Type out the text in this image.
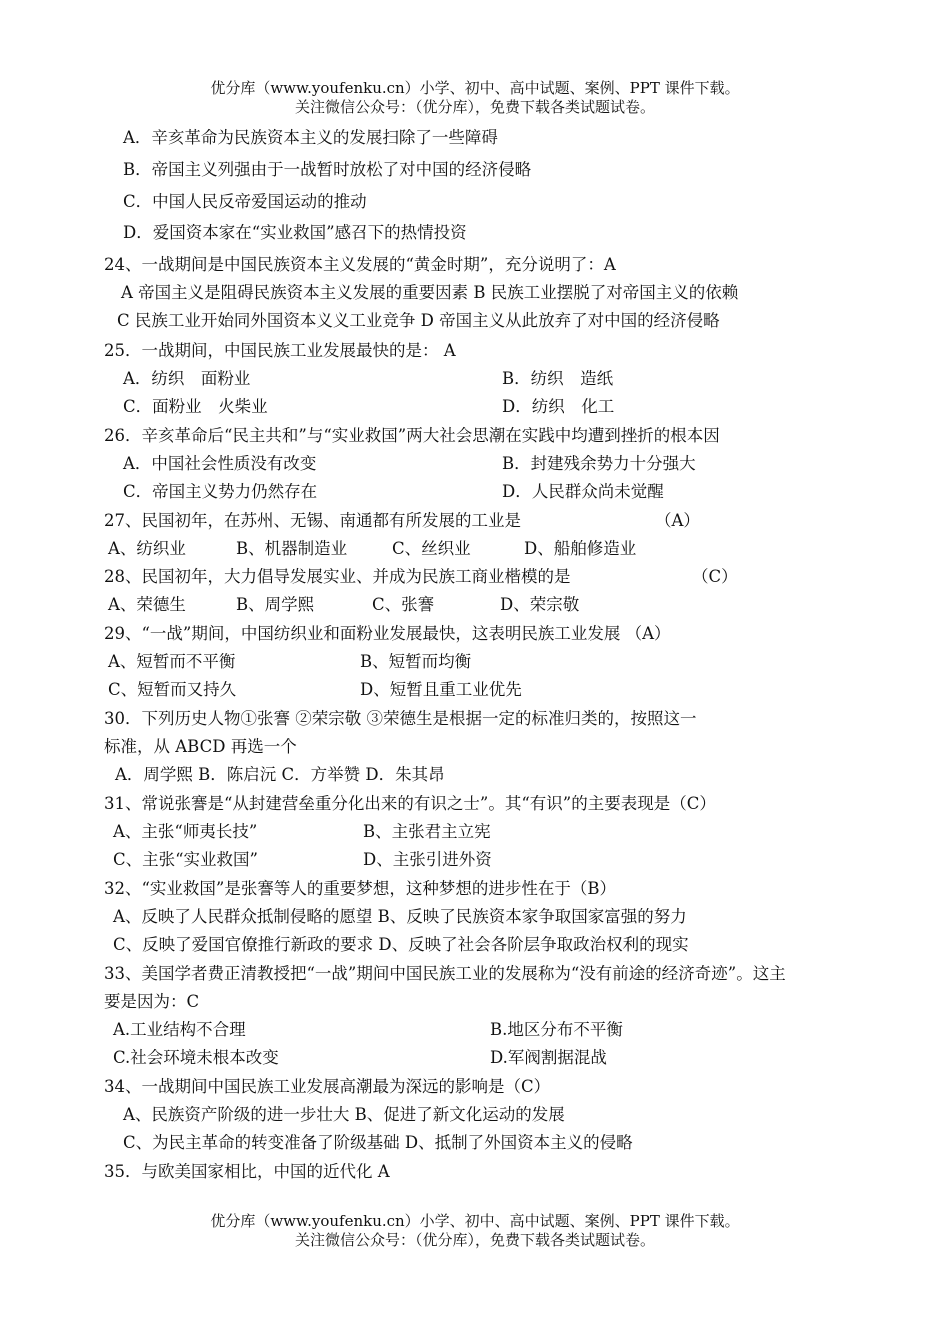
优分库（www.youfenku.cn）小学、初中、高中试题、案例、PPT 课件下载。
关注微信公众号：（优分库），免费下载各类试题试卷。
A．辛亥革命为民族资本主义的发展扫除了一些障碍
B．帝国主义列强由于一战暂时放松了对中国的经济侵略
C．中国人民反帝爱国运动的推动
D．爱国资本家在“实业救国”感召下的热情投资
24、一战期间是中国民族资本主义发展的“黄金时期”，充分说明了：A
A 帝国主义是阻碍民族资本主义发展的重要因素 B 民族工业摆脱了对帝国主义的依赖
C 民族工业开始同外国资本义义工业竞争 D 帝国主义从此放弃了对中国的经济侵略
25．一战期间，中国民族工业发展最快的是： A
A．纺织　面粉业	B．纺织　造纸
C．面粉业　火柴业	D．纺织　化工
26．辛亥革命后“民主共和”与“实业救国”两大社会思潮在实践中均遭到挫折的根本因
A．中国社会性质没有改变	B．封建残余势力十分强大
C．帝国主义势力仍然存在	D．人民群众尚未觉醒
27、民国初年，在苏州、无锡、南通都有所发展的工业是	（A）
A、纺织业	B、机器制造业	C、丝织业	D、船舶修造业
28、民国初年，大力倡导发展实业、并成为民族工商业楷模的是	（C）
A、荣德生	B、周学熙	C、张謇	D、荣宗敬
29、“一战”期间，中国纺织业和面粉业发展最快，这表明民族工业发展 （A）
A、短暂而不平衡	B、短暂而均衡
C、短暂而又持久	D、短暂且重工业优先
30．下列历史人物①张謇 ②荣宗敬 ③荣德生是根据一定的标准归类的，按照这一
标准，从 ABCD 再选一个
A．周学熙 B．陈启沅 C．方举赞 D．朱其昂
31、常说张謇是“从封建营垒重分化出来的有识之士”。其“有识”的主要表现是（C）
A、主张“师夷长技”	B、主张君主立宪
C、主张“实业救国”	D、主张引进外资
32、“实业救国”是张謇等人的重要梦想，这种梦想的进步性在于（B）
A、反映了人民群众抵制侵略的愿望 B、反映了民族资本家争取国家富强的努力
C、反映了爱国官僚推行新政的要求 D、反映了社会各阶层争取政治权利的现实
33、美国学者费正清教授把“一战”期间中国民族工业的发展称为“没有前途的经济奇迹”。这主
要是因为：C
A.工业结构不合理	B.地区分布不平衡
C.社会环境未根本改变	D.军阀割据混战
34、一战期间中国民族工业发展高潮最为深远的影响是（C）
A、民族资产阶级的进一步壮大 B、促进了新文化运动的发展
C、为民主革命的转变准备了阶级基础 D、抵制了外国资本主义的侵略
35．与欧美国家相比，中国的近代化 A
优分库（www.youfenku.cn）小学、初中、高中试题、案例、PPT 课件下载。
关注微信公众号：（优分库），免费下载各类试题试卷。
